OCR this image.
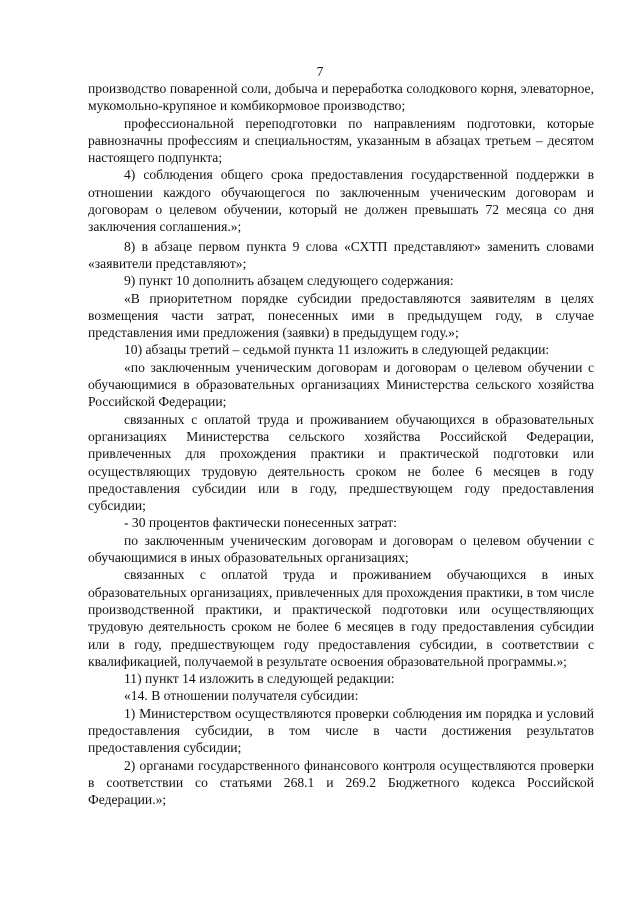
7

производство поваренной соли, добыча и переработка солодкового корня, элеваторное, мукомольно-крупяное и комбикормовое производство;

профессиональной переподготовки по направлениям подготовки, которые равнозначны профессиям и специальностям, указанным в абзацах третьем – десятом настоящего подпункта;

4) соблюдения общего срока предоставления государственной поддержки в отношении каждого обучающегося по заключенным ученическим договорам и договорам о целевом обучении, который не должен превышать 72 месяца со дня заключения соглашения.»;

8) в абзаце первом пункта 9 слова «СХТП представляют» заменить словами «заявители представляют»;

9) пункт 10 дополнить абзацем следующего содержания:

«В приоритетном порядке субсидии предоставляются заявителям в целях возмещения части затрат, понесенных ими в предыдущем году, в случае представления ими предложения (заявки) в предыдущем году.»;

10) абзацы третий – седьмой пункта 11 изложить в следующей редакции:

«по заключенным ученическим договорам и договорам о целевом обучении с обучающимися в образовательных организациях Министерства сельского хозяйства Российской Федерации;

связанных с оплатой труда и проживанием обучающихся в образовательных организациях Министерства сельского хозяйства Российской Федерации, привлеченных для прохождения практики и практической подготовки или осуществляющих трудовую деятельность сроком не более 6 месяцев в году предоставления субсидии или в году, предшествующем году предоставления субсидии;

- 30 процентов фактически понесенных затрат:

по заключенным ученическим договорам и договорам о целевом обучении с обучающимися в иных образовательных организациях;

связанных с оплатой труда и проживанием обучающихся в иных образовательных организациях, привлеченных для прохождения практики, в том числе производственной практики, и практической подготовки или осуществляющих трудовую деятельность сроком не более 6 месяцев в году предоставления субсидии или в году, предшествующем году предоставления субсидии, в соответствии с квалификацией, получаемой в результате освоения образовательной программы.»;

11) пункт 14 изложить в следующей редакции:

«14. В отношении получателя субсидии:

1) Министерством осуществляются проверки соблюдения им порядка и условий предоставления субсидии, в том числе в части достижения результатов предоставления субсидии;

2) органами государственного финансового контроля осуществляются проверки в соответствии со статьями 268.1 и 269.2 Бюджетного кодекса Российской Федерации.»;
